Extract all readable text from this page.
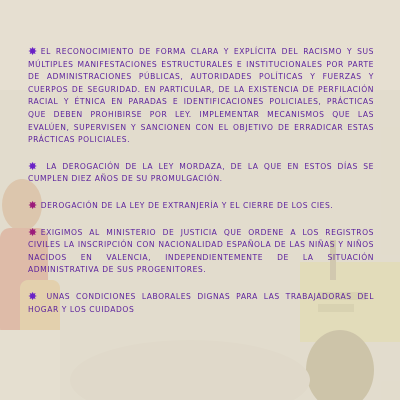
✸ EL RECONOCIMIENTO DE FORMA CLARA Y EXPLÍCITA DEL RACISMO Y SUS MÚLTIPLES MANIFESTACIONES ESTRUCTURALES E INSTITUCIONALES POR PARTE DE ADMINISTRACIONES PÚBLICAS, AUTORIDADES POLÍTICAS Y FUERZAS Y CUERPOS DE SEGURIDAD. EN PARTICULAR, DE LA EXISTENCIA DE PERFILACIÓN RACIAL Y ÉTNICA EN PARADAS E IDENTIFICACIONES POLICIALES, PRÁCTICAS QUE DEBEN PROHIBIRSE POR LEY. IMPLEMENTAR MECANISMOS QUE LAS EVALÚEN, SUPERVISEN Y SANCIONEN CON EL OBJETIVO DE ERRADICAR ESTAS PRÁCTICAS POLICIALES.

✸ LA DEROGACIÓN DE LA LEY MORDAZA, DE LA QUE EN ESTOS DÍAS SE CUMPLEN DIEZ AÑOS DE SU PROMULGACIÓN.

✸ DEROGACIÓN DE LA LEY DE EXTRANJERÍA Y EL CIERRE DE LOS CIES.

✸ EXIGIMOS AL MINISTERIO DE JUSTICIA QUE ORDENE A LOS REGISTROS CIVILES LA INSCRIPCIÓN CON NACIONALIDAD ESPAÑOLA DE LAS NIÑAS Y NIÑOS NACIDOS EN VALENCIA, INDEPENDIENTEMENTE DE LA SITUACIÓN ADMINISTRATIVA DE SUS PROGENITORES.

✸ UNAS CONDICIONES LABORALES DIGNAS PARA LAS TRABAJADORAS DEL HOGAR Y LOS CUIDADOS
